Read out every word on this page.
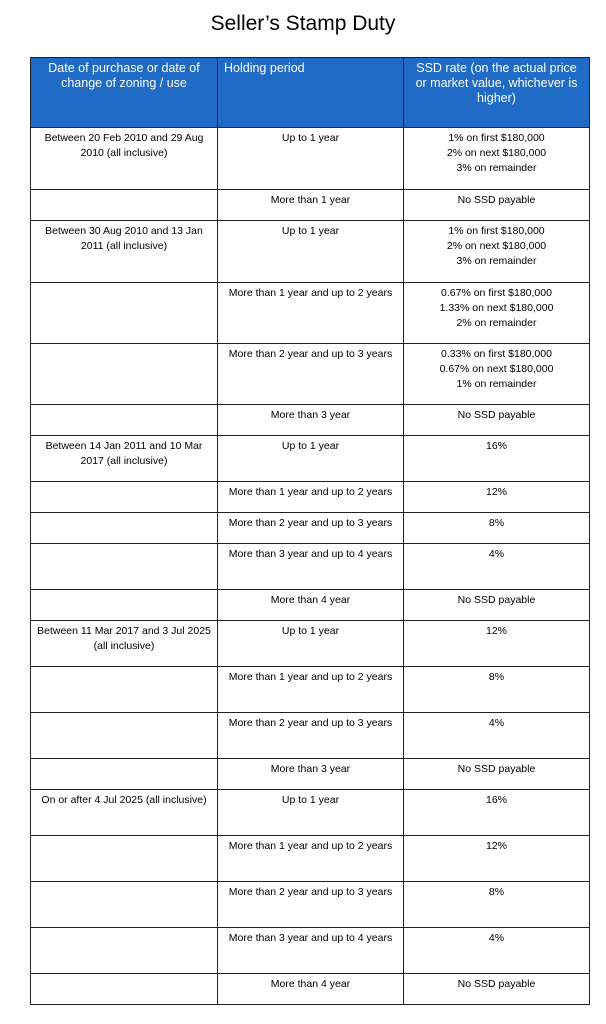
Seller’s Stamp Duty
Date of purchase or date of change of zoning / use	Holding period	SSD rate (on the actual price or market value, whichever is higher)
Between 20 Feb 2010 and 29 Aug 2010 (all inclusive)	Up to 1 year	1% on first $180,000
2% on next $180,000
3% on remainder

	More than 1 year	No SSD payable

Between 30 Aug 2010 and 13 Jan 2011 (all inclusive)	Up to 1 year	1% on first $180,000
2% on next $180,000
3% on remainder

	More than 1 year and up to 2 years	0.67% on first $180,000
1.33% on next $180,000
2% on remainder

	More than 2 year and up to 3 years	0.33% on first $180,000
0.67% on next $180,000
1% on remainder

	More than 3 year	No SSD payable

Between 14 Jan 2011 and 10 Mar 2017 (all inclusive)	Up to 1 year	16%

	More than 1 year and up to 2 years	12%

	More than 2 year and up to 3 years	8%

	More than 3 year and up to 4 years	4%

	More than 4 year	No SSD payable

Between 11 Mar 2017 and 3 Jul 2025 (all inclusive)	Up to 1 year	12%

	More than 1 year and up to 2 years	8%

	More than 2 year and up to 3 years	4%

	More than 3 year	No SSD payable

On or after 4 Jul 2025 (all inclusive)	Up to 1 year	16%

	More than 1 year and up to 2 years	12%

	More than 2 year and up to 3 years	8%

	More than 3 year and up to 4 years	4%

	More than 4 year	No SSD payable
